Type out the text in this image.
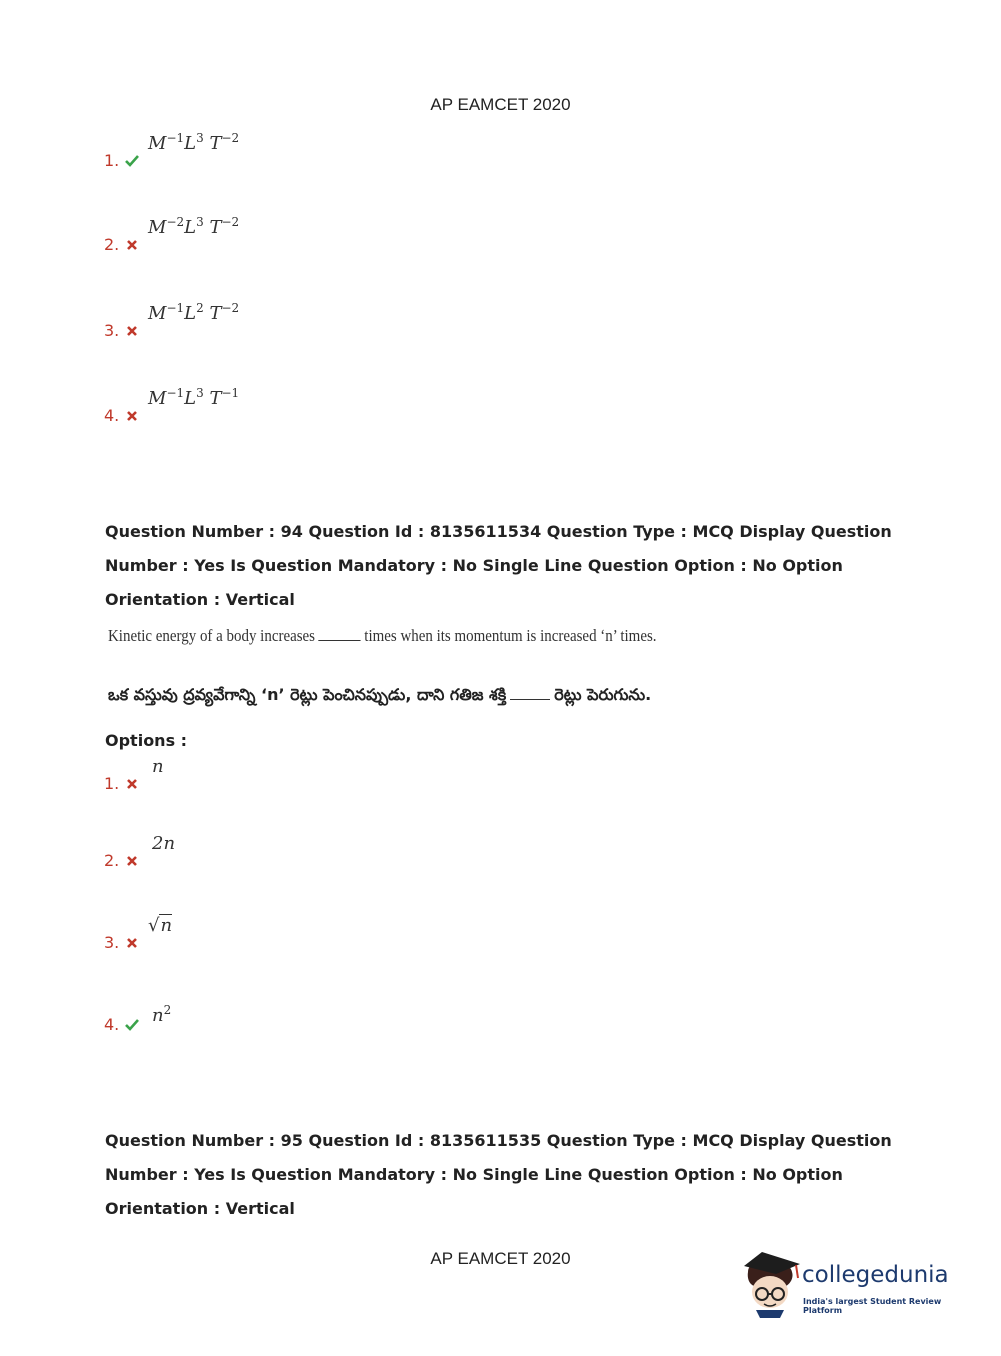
AP EAMCET 2020
1.
$M^{-1}L^3$ $T^{-2}$
2.
$M^{-2}L^3$ $T^{-2}$
3.
$M^{-1}L^2$ $T^{-2}$
4.
$M^{-1}L^3$ $T^{-1}$
Question Number : 94 Question Id : 8135611534 Question Type : MCQ Display Question
Number : Yes Is Question Mandatory : No Single Line Question Option : No Option
Orientation : Vertical
Kinetic energy of a body increases	times when its momentum is increased ‘n’ times.
ఒక వస్తువు ద్రవ్యవేగాన్ని ‘n’ రెట్లు పెంచినప్పుడు, దాని గతిజ శక్తి	రెట్లు పెరుగును.
Options :
1.
n
2.
2n
3.
√ n
4. $n^2$
Question Number : 95 Question Id : 8135611535 Question Type : MCQ Display Question
Number : Yes Is Question Mandatory : No Single Line Question Option : No Option
Orientation : Vertical
AP EAMCET 2020
collegedunia
India's largest Student Review Platform
